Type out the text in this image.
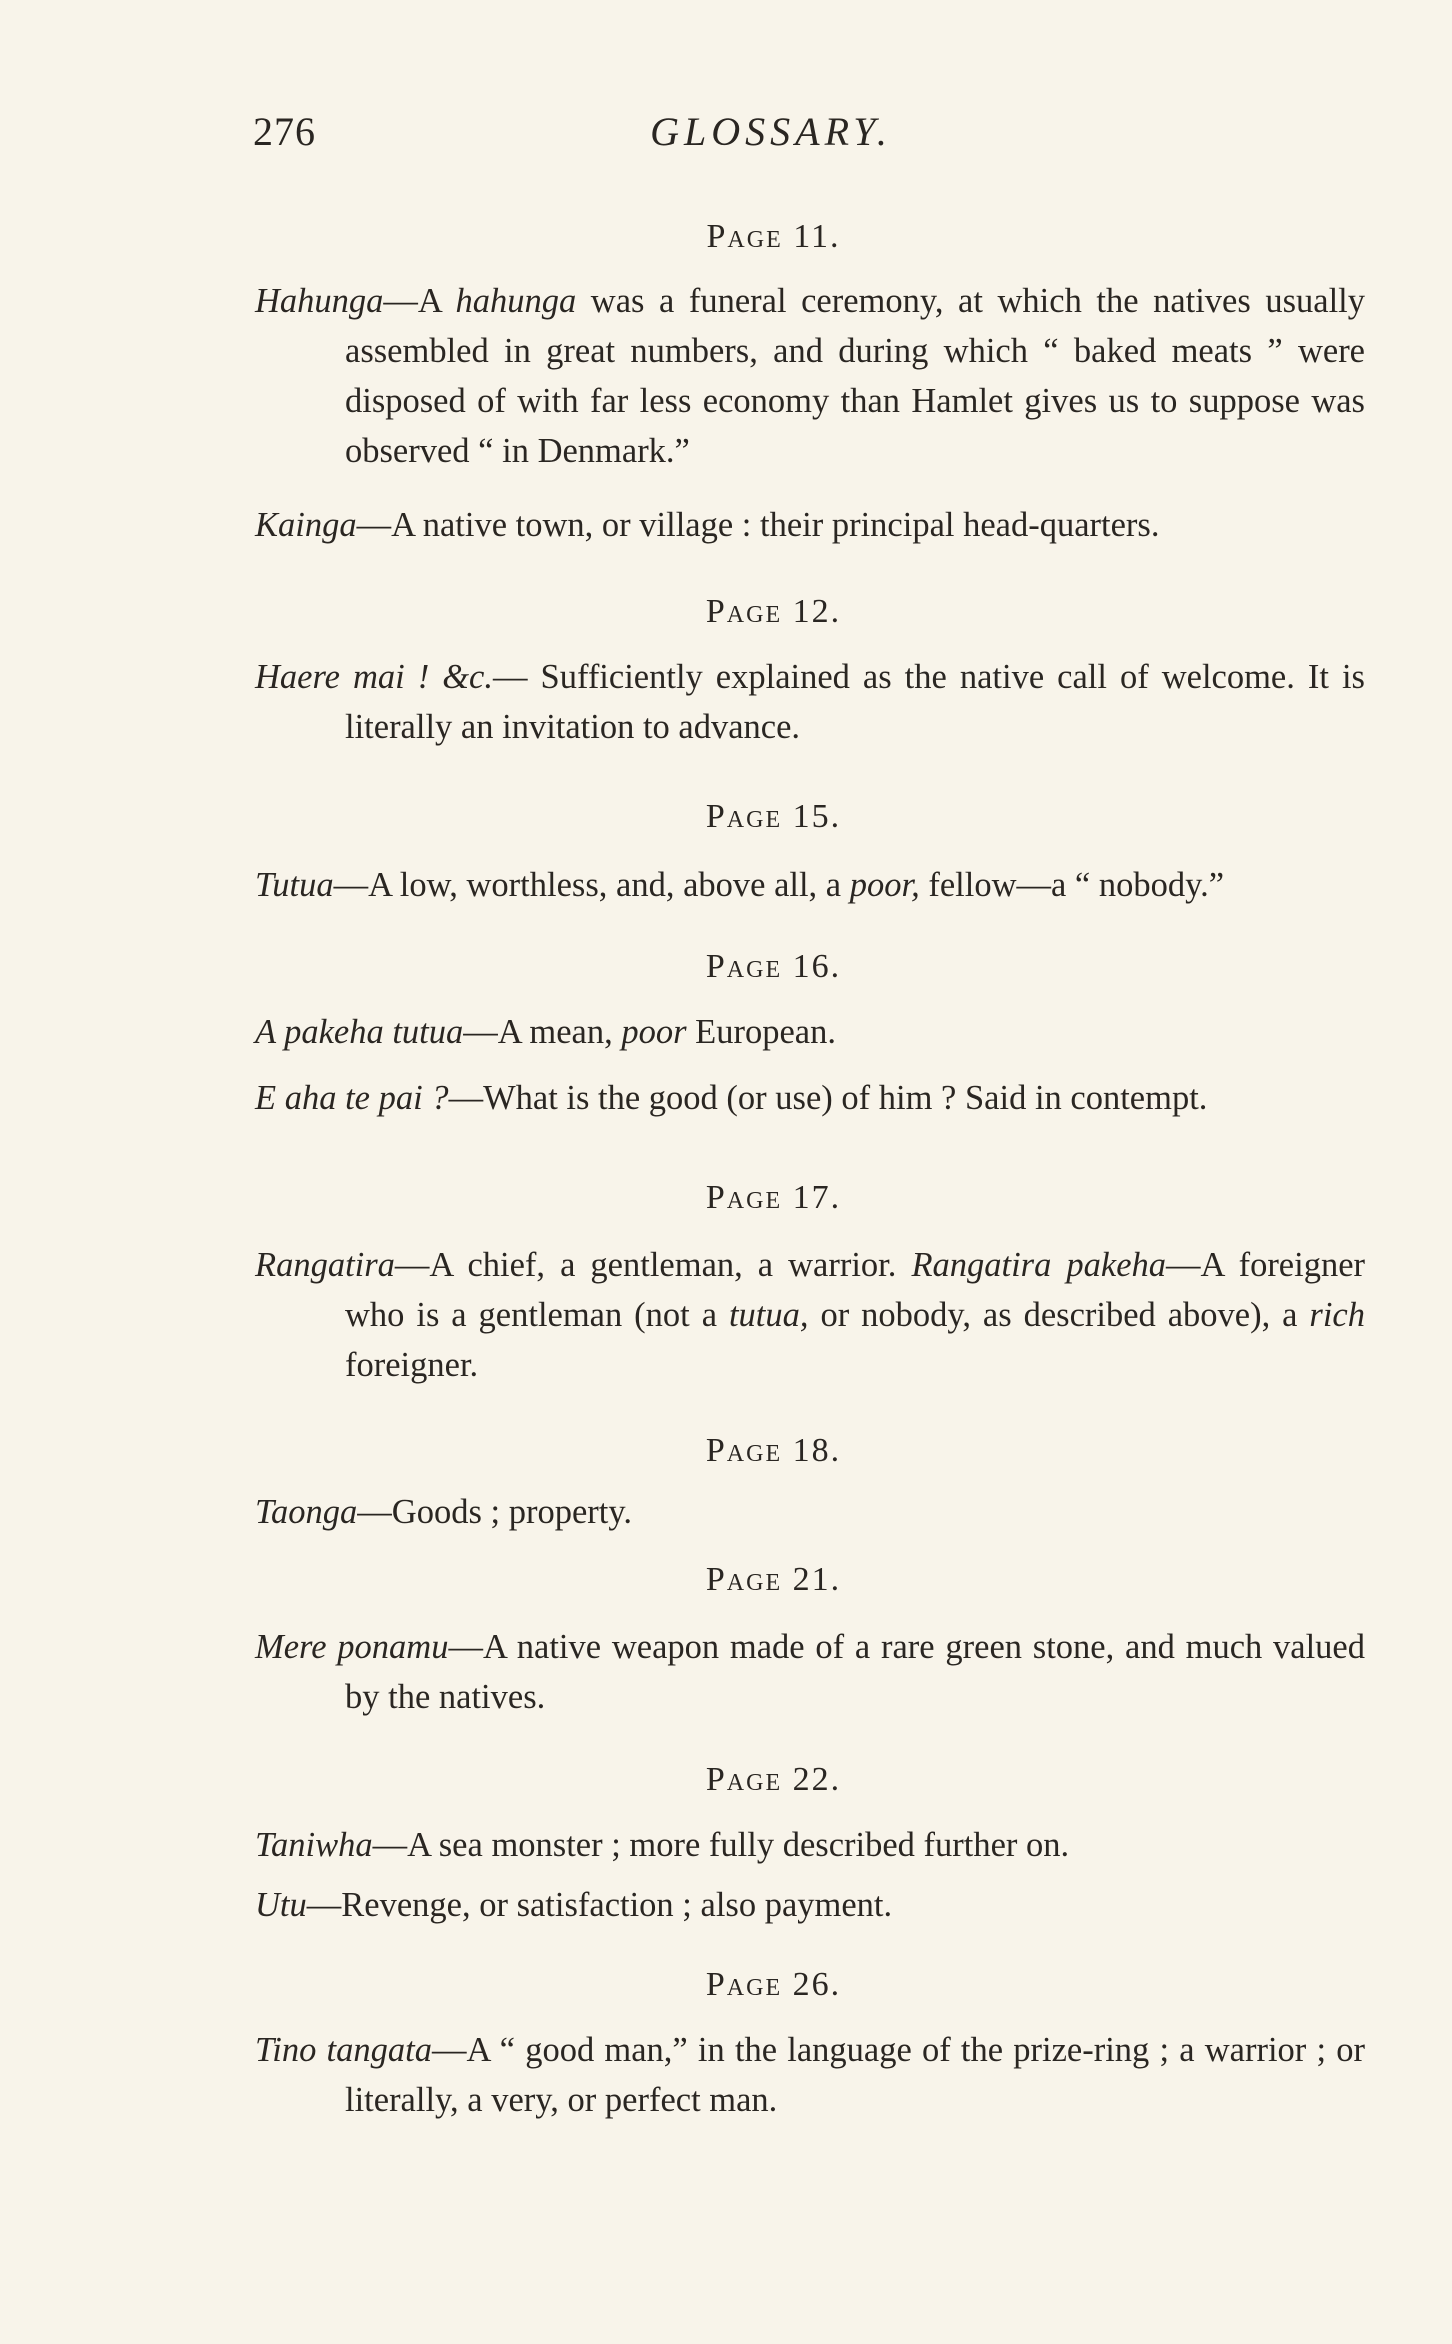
276	GLOSSARY.
Page 11.

Hahunga—A hahunga was a funeral ceremony, at which the natives usually assembled in great numbers, and during which “ baked meats ” were disposed of with far less economy than Hamlet gives us to suppose was observed “ in Denmark.”

Kainga—A native town, or village : their principal head-quarters.

Page 12.

Haere mai ! &c.— Sufficiently explained as the native call of welcome. It is literally an invitation to advance.

Page 15.

Tutua—A low, worthless, and, above all, a poor, fellow—a “ nobody.”

Page 16.

A pakeha tutua—A mean, poor European.

E aha te pai ?—What is the good (or use) of him ? Said in contempt.

Page 17.

Rangatira—A chief, a gentleman, a warrior. Rangatira pakeha—A foreigner who is a gentleman (not a tutua, or nobody, as described above), a rich foreigner.

Page 18.

Taonga—Goods ; property.

Page 21.

Mere ponamu—A native weapon made of a rare green stone, and much valued by the natives.

Page 22.

Taniwha—A sea monster ; more fully described further on.

Utu—Revenge, or satisfaction ; also payment.

Page 26.

Tino tangata—A “ good man,” in the language of the prize-ring ; a warrior ; or literally, a very, or perfect man.
